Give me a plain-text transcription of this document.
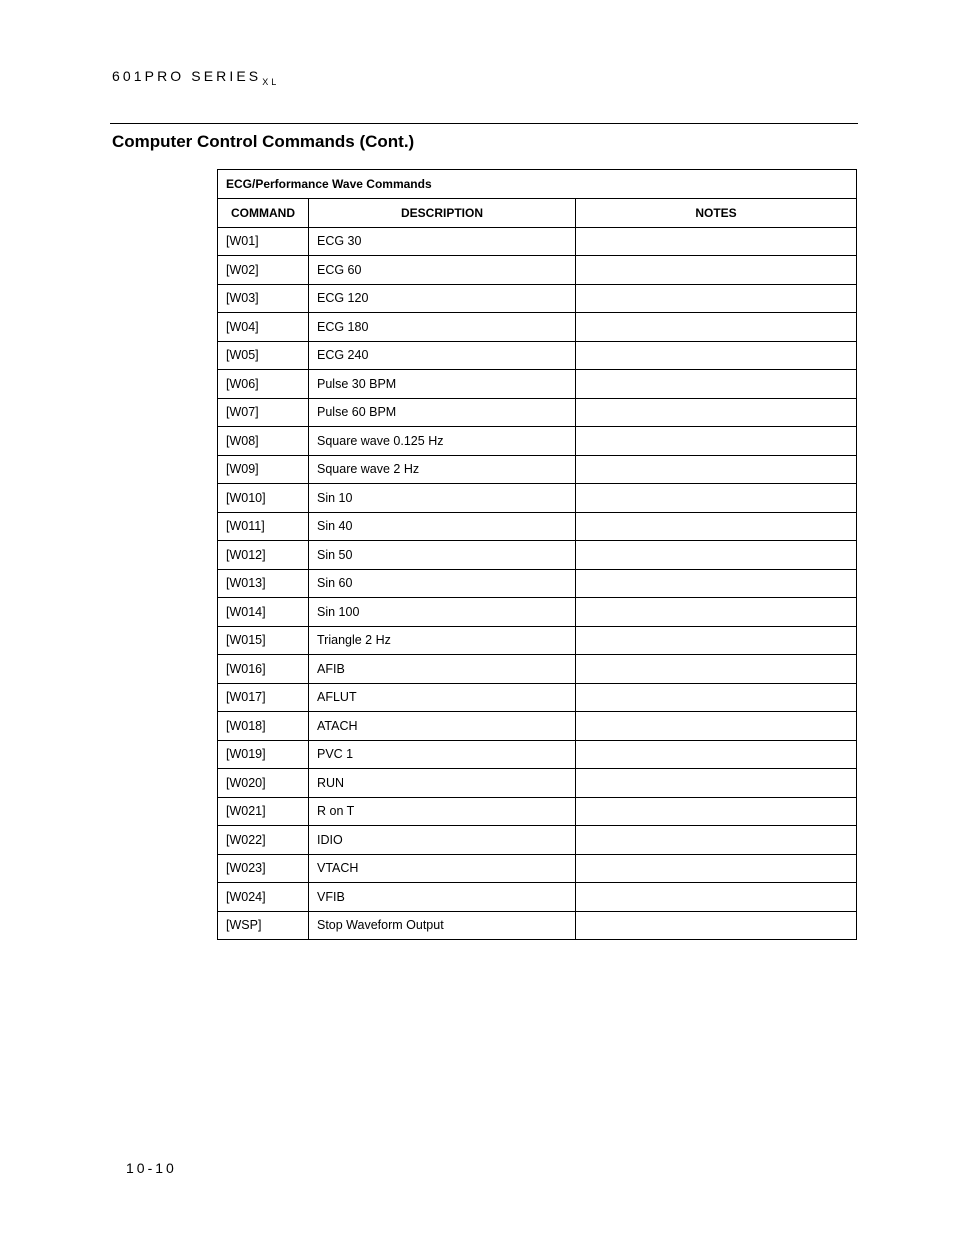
601PRO $SERIES_{XL}$
Computer Control Commands (Cont.)
ECG/Performance Wave Commands		
COMMAND	DESCRIPTION	NOTES
[W01]	ECG 30	
[W02]	ECG 60	
[W03]	ECG 120	
[W04]	ECG 180	
[W05]	ECG 240	
[W06]	Pulse 30 BPM	
[W07]	Pulse 60 BPM	
[W08]	Square wave 0.125 Hz	
[W09]	Square wave 2 Hz	
[W010]	Sin 10	
[W011]	Sin 40	
[W012]	Sin 50	
[W013]	Sin 60	
[W014]	Sin 100	
[W015]	Triangle 2 Hz	
[W016]	AFIB	
[W017]	AFLUT	
[W018]	ATACH	
[W019]	PVC 1	
[W020]	RUN	
[W021]	R on T	
[W022]	IDIO	
[W023]	VTACH	
[W024]	VFIB	
[WSP]	Stop Waveform Output	
10-10
